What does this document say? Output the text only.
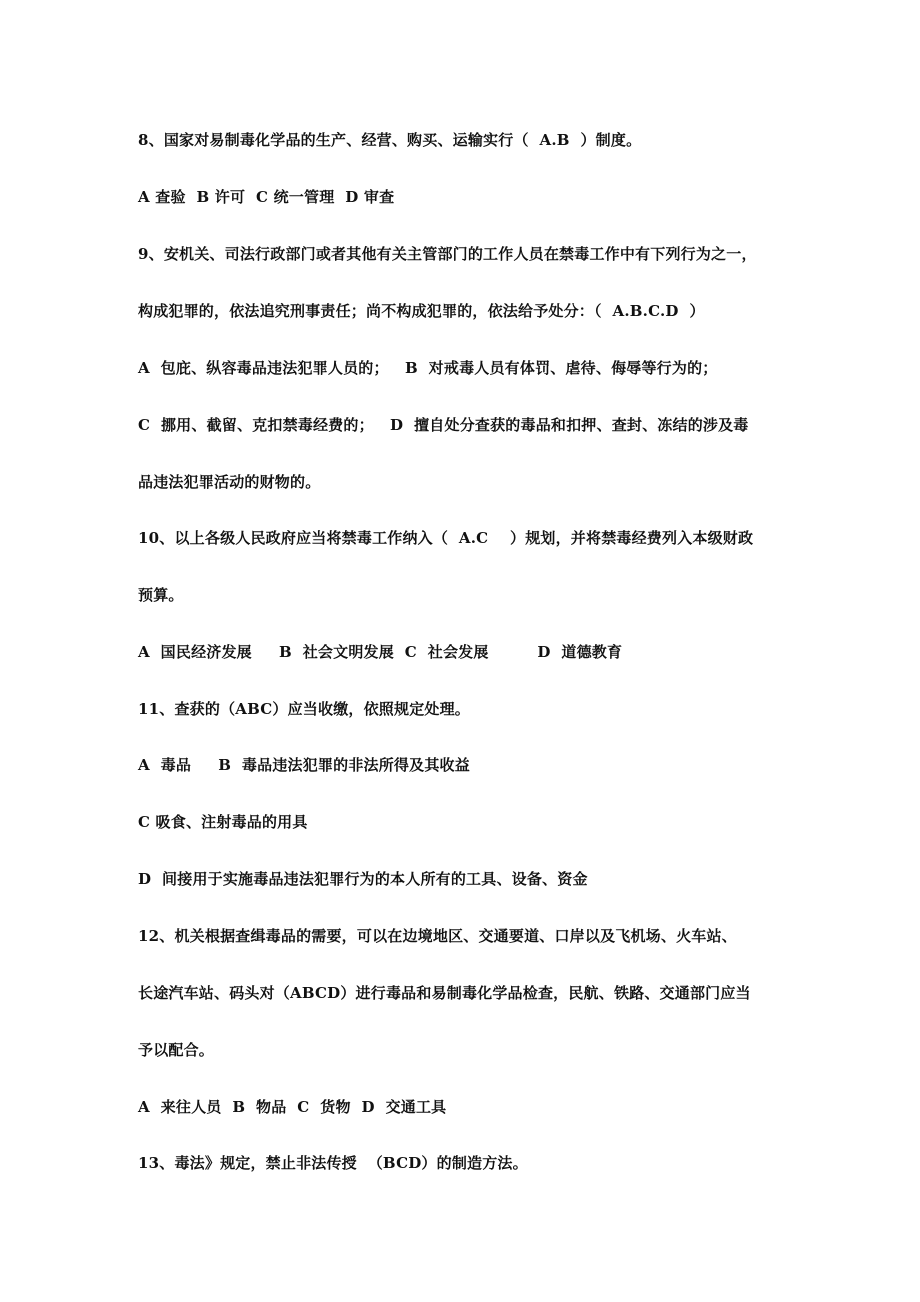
8、国家对易制毒化学品的生产、经营、购买、运输实行（  A.B  ）制度。
A 查验  B 许可  C 统一管理  D 审查
9、安机关、司法行政部门或者其他有关主管部门的工作人员在禁毒工作中有下列行为之一，
构成犯罪的，依法追究刑事责任；尚不构成犯罪的，依法给予处分：（  A.B.C.D  ）
A  包庇、纵容毒品违法犯罪人员的；   B  对戒毒人员有体罚、虐待、侮辱等行为的；
C  挪用、截留、克扣禁毒经费的；   D  擅自处分查获的毒品和扣押、查封、冻结的涉及毒
品违法犯罪活动的财物的。
10、以上各级人民政府应当将禁毒工作纳入（  A.C    ）规划，并将禁毒经费列入本级财政
预算。
A  国民经济发展     B  社会文明发展  C  社会发展         D  道德教育
11、查获的（ABC）应当收缴，依照规定处理。
A  毒品     B  毒品违法犯罪的非法所得及其收益
C 吸食、注射毒品的用具
D  间接用于实施毒品违法犯罪行为的本人所有的工具、设备、资金
12、机关根据查缉毒品的需要，可以在边境地区、交通要道、口岸以及飞机场、火车站、
长途汽车站、码头对（ABCD）进行毒品和易制毒化学品检查，民航、铁路、交通部门应当
予以配合。
A  来往人员  B  物品  C  货物  D  交通工具
13、毒法》规定，禁止非法传授  （BCD）的制造方法。
